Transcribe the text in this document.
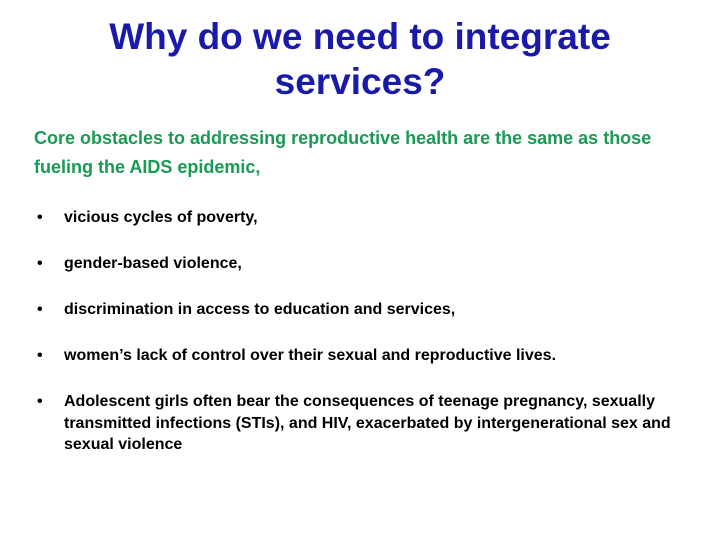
Why do we need to integrate services?
Core obstacles to addressing reproductive health are the same as those fueling the AIDS epidemic,
• vicious cycles of poverty,
• gender-based violence,
• discrimination in access to education and services,
• women’s lack of control over their sexual and reproductive lives.
• Adolescent girls often bear the consequences of teenage pregnancy, sexually transmitted infections (STIs), and HIV, exacerbated by intergenerational sex and sexual violence
